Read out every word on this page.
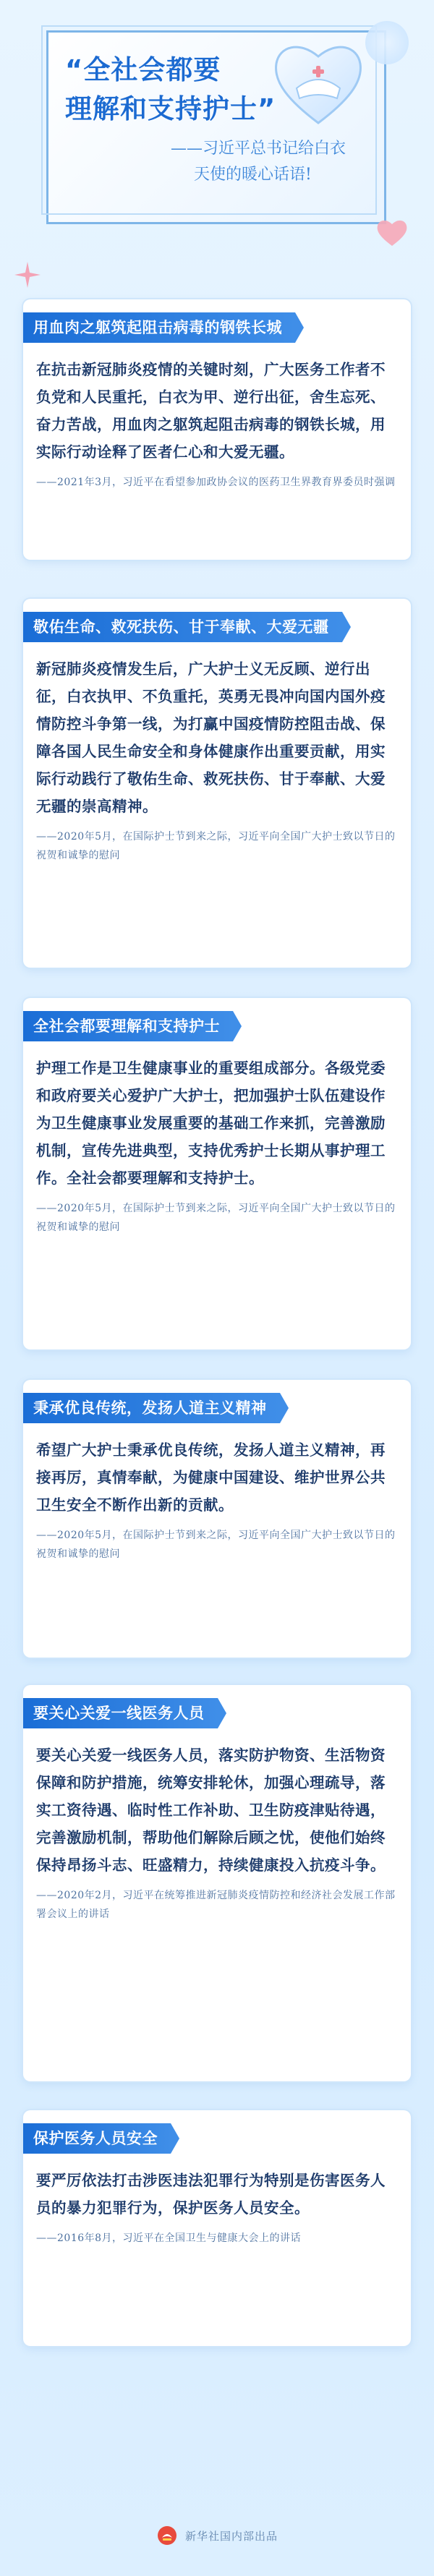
“全社会都要
理解和支持护士”
——习近平总书记给白衣
天使的暖心话语!
用血肉之躯筑起阻击病毒的钢铁长城
在抗击新冠肺炎疫情的关键时刻，广大医务工作者不负党和人民重托，白衣为甲、逆行出征，舍生忘死、奋力苦战，用血肉之躯筑起阻击病毒的钢铁长城，用实际行动诠释了医者仁心和大爱无疆。
——2021年3月，习近平在看望参加政协会议的医药卫生界教育界委员时强调
敬佑生命、救死扶伤、甘于奉献、大爱无疆
新冠肺炎疫情发生后，广大护士义无反顾、逆行出征，白衣执甲、不负重托，英勇无畏冲向国内国外疫情防控斗争第一线，为打赢中国疫情防控阻击战、保障各国人民生命安全和身体健康作出重要贡献，用实际行动践行了敬佑生命、救死扶伤、甘于奉献、大爱无疆的崇高精神。
——2020年5月，在国际护士节到来之际，习近平向全国广大护士致以节日的祝贺和诚挚的慰问
全社会都要理解和支持护士
护理工作是卫生健康事业的重要组成部分。各级党委和政府要关心爱护广大护士，把加强护士队伍建设作为卫生健康事业发展重要的基础工作来抓，完善激励机制，宣传先进典型，支持优秀护士长期从事护理工作。全社会都要理解和支持护士。
——2020年5月，在国际护士节到来之际，习近平向全国广大护士致以节日的祝贺和诚挚的慰问
秉承优良传统，发扬人道主义精神
希望广大护士秉承优良传统，发扬人道主义精神，再接再厉，真情奉献，为健康中国建设、维护世界公共卫生安全不断作出新的贡献。
——2020年5月，在国际护士节到来之际，习近平向全国广大护士致以节日的祝贺和诚挚的慰问
要关心关爱一线医务人员
要关心关爱一线医务人员，落实防护物资、生活物资保障和防护措施，统筹安排轮休，加强心理疏导，落实工资待遇、临时性工作补助、卫生防疫津贴待遇，完善激励机制，帮助他们解除后顾之忧，使他们始终保持昂扬斗志、旺盛精力，持续健康投入抗疫斗争。
——2020年2月，习近平在统筹推进新冠肺炎疫情防控和经济社会发展工作部署会议上的讲话
保护医务人员安全
要严厉依法打击涉医违法犯罪行为特别是伤害医务人员的暴力犯罪行为，保护医务人员安全。
——2016年8月，习近平在全国卫生与健康大会上的讲话
新华社国内部出品
